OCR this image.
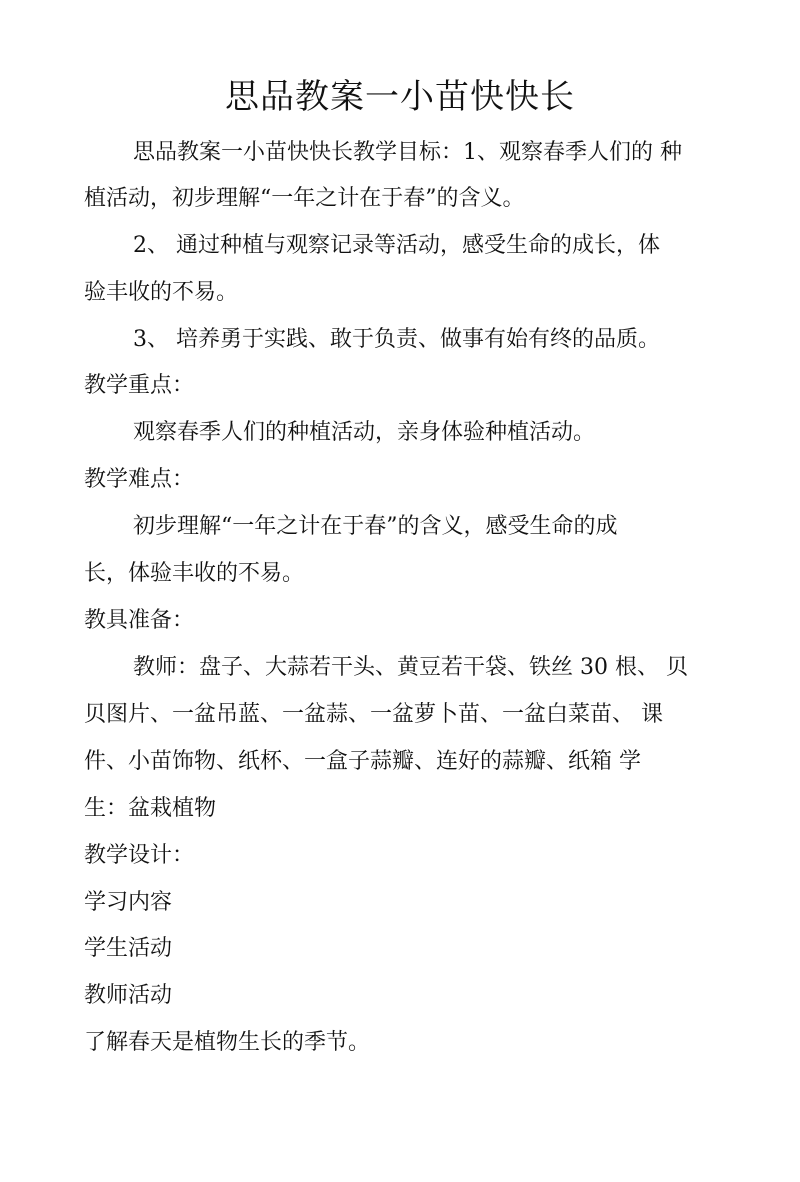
思品教案一小苗快快长

思品教案一小苗快快长教学目标：1、观察春季人们的 种

植活动，初步理解“一年之计在于春”的含义。

2、 通过种植与观察记录等活动，感受生命的成长，体

验丰收的不易。

3、 培养勇于实践、敢于负责、做事有始有终的品质。

教学重点：

观察春季人们的种植活动，亲身体验种植活动。

教学难点：

初步理解“一年之计在于春”的含义，感受生命的成

长，体验丰收的不易。

教具准备：

教师：盘子、大蒜若干头、黄豆若干袋、铁丝 30 根、 贝

贝图片、一盆吊蓝、一盆蒜、一盆萝卜苗、一盆白菜苗、 课

件、小苗饰物、纸杯、一盒子蒜瓣、连好的蒜瓣、纸箱 学

生：盆栽植物

教学设计：

学习内容

学生活动

教师活动

了解春天是植物生长的季节。
